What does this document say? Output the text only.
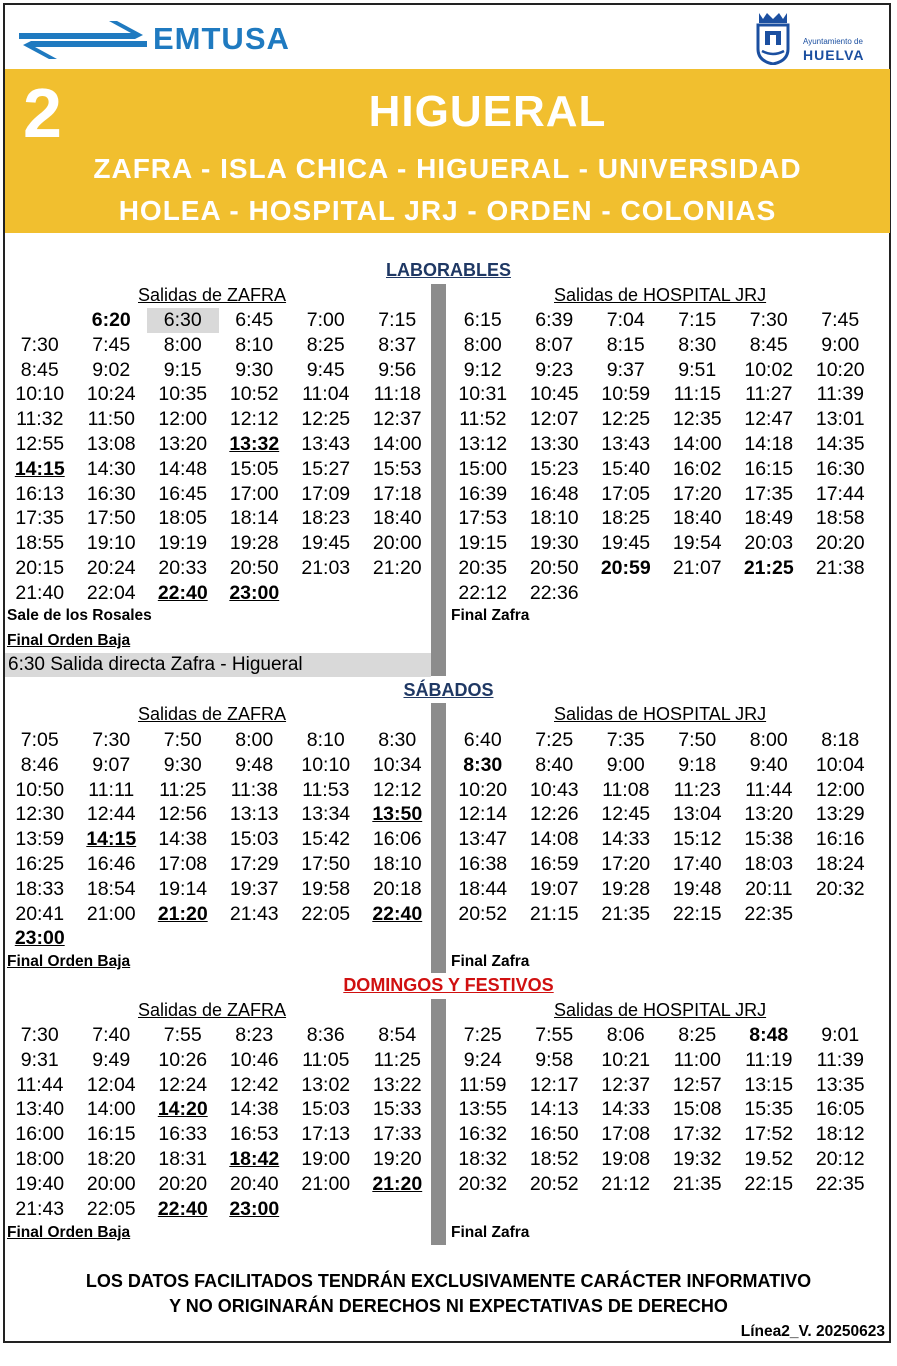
EMTUSA	Ayuntamiento de
HUELVA
2	HIGUERAL
ZAFRA - ISLA CHICA - HIGUERAL - UNIVERSIDAD
HOLEA - HOSPITAL JRJ - ORDEN - COLONIAS
LABORABLES
Salidas de ZAFRA	Salidas de HOSPITAL JRJ
6:20	6:30	6:45	7:00	7:15
7:30	7:45	8:00	8:10	8:25	8:37
8:45	9:02	9:15	9:30	9:45	9:56
10:10	10:24	10:35	10:52	11:04	11:18
11:32	11:50	12:00	12:12	12:25	12:37
12:55	13:08	13:20	13:32	13:43	14:00
14:15	14:30	14:48	15:05	15:27	15:53
16:13	16:30	16:45	17:00	17:09	17:18
17:35	17:50	18:05	18:14	18:23	18:40
18:55	19:10	19:19	19:28	19:45	20:00
20:15	20:24	20:33	20:50	21:03	21:20
21:40	22:04	22:40	23:00
6:15	6:39	7:04	7:15	7:30	7:45
8:00	8:07	8:15	8:30	8:45	9:00
9:12	9:23	9:37	9:51	10:02	10:20
10:31	10:45	10:59	11:15	11:27	11:39
11:52	12:07	12:25	12:35	12:47	13:01
13:12	13:30	13:43	14:00	14:18	14:35
15:00	15:23	15:40	16:02	16:15	16:30
16:39	16:48	17:05	17:20	17:35	17:44
17:53	18:10	18:25	18:40	18:49	18:58
19:15	19:30	19:45	19:54	20:03	20:20
20:35	20:50	20:59	21:07	21:25	21:38
22:12	22:36
Sale de los Rosales
Final Orden Baja
Final Zafra
6:30 Salida directa Zafra - Higueral
SÁBADOS
Salidas de ZAFRA	Salidas de HOSPITAL JRJ
7:05	7:30	7:50	8:00	8:10	8:30
8:46	9:07	9:30	9:48	10:10	10:34
10:50	11:11	11:25	11:38	11:53	12:12
12:30	12:44	12:56	13:13	13:34	13:50
13:59	14:15	14:38	15:03	15:42	16:06
16:25	16:46	17:08	17:29	17:50	18:10
18:33	18:54	19:14	19:37	19:58	20:18
20:41	21:00	21:20	21:43	22:05	22:40
23:00
6:40	7:25	7:35	7:50	8:00	8:18
8:30	8:40	9:00	9:18	9:40	10:04
10:20	10:43	11:08	11:23	11:44	12:00
12:14	12:26	12:45	13:04	13:20	13:29
13:47	14:08	14:33	15:12	15:38	16:16
16:38	16:59	17:20	17:40	18:03	18:24
18:44	19:07	19:28	19:48	20:11	20:32
20:52	21:15	21:35	22:15	22:35
Final Orden Baja	Final Zafra
DOMINGOS Y FESTIVOS
Salidas de ZAFRA	Salidas de HOSPITAL JRJ
7:30	7:40	7:55	8:23	8:36	8:54
9:31	9:49	10:26	10:46	11:05	11:25
11:44	12:04	12:24	12:42	13:02	13:22
13:40	14:00	14:20	14:38	15:03	15:33
16:00	16:15	16:33	16:53	17:13	17:33
18:00	18:20	18:31	18:42	19:00	19:20
19:40	20:00	20:20	20:40	21:00	21:20
21:43	22:05	22:40	23:00
7:25	7:55	8:06	8:25	8:48	9:01
9:24	9:58	10:21	11:00	11:19	11:39
11:59	12:17	12:37	12:57	13:15	13:35
13:55	14:13	14:33	15:08	15:35	16:05
16:32	16:50	17:08	17:32	17:52	18:12
18:32	18:52	19:08	19:32	19.52	20:12
20:32	20:52	21:12	21:35	22:15	22:35
Final Orden Baja	Final Zafra
LOS DATOS FACILITADOS TENDRÁN EXCLUSIVAMENTE CARÁCTER INFORMATIVO
Y NO ORIGINARÁN DERECHOS NI EXPECTATIVAS DE DERECHO
Línea2_V. 20250623
